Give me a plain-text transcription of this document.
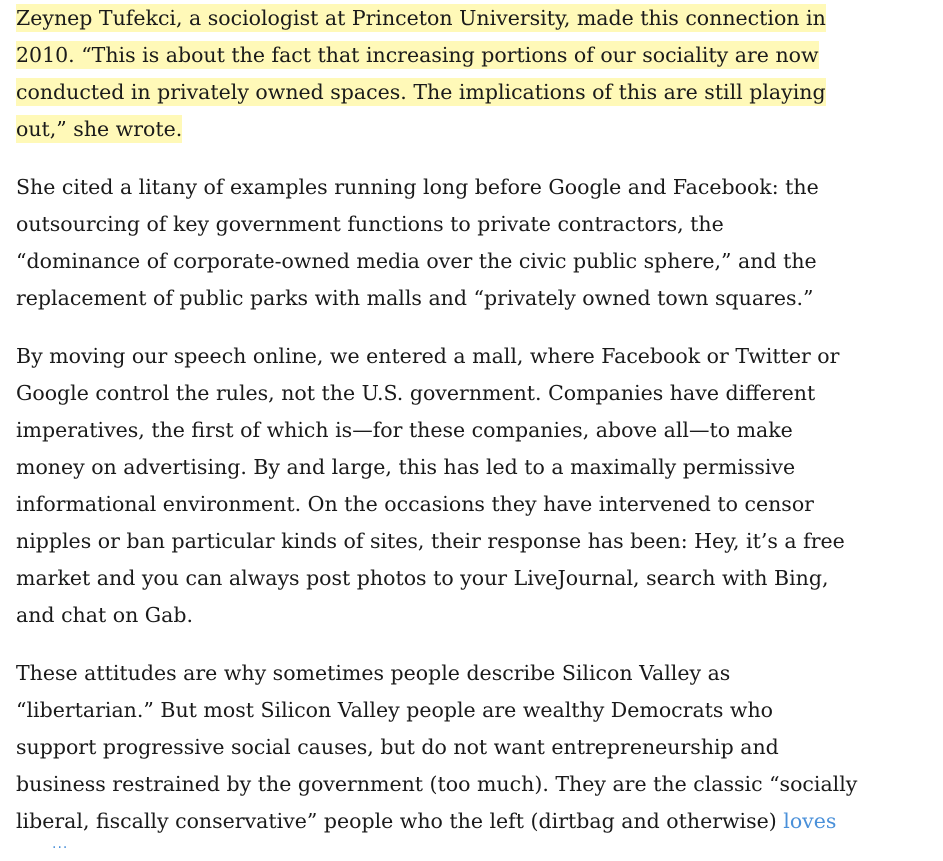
Zeynep Tufekci, a sociologist at Princeton University, made this connection in
2010. “This is about the fact that increasing portions of our sociality are now
conducted in privately owned spaces. The implications of this are still playing
out,” she wrote.
She cited a litany of examples running long before Google and Facebook: the
outsourcing of key government functions to private contractors, the
“dominance of corporate-owned media over the civic public sphere,” and the
replacement of public parks with malls and “privately owned town squares.”
By moving our speech online, we entered a mall, where Facebook or Twitter or
Google control the rules, not the U.S. government. Companies have different
imperatives, the first of which is—for these companies, above all—to make
money on advertising. By and large, this has led to a maximally permissive
informational environment. On the occasions they have intervened to censor
nipples or ban particular kinds of sites, their response has been: Hey, it’s a free
market and you can always post photos to your LiveJournal, search with Bing,
and chat on Gab.
These attitudes are why sometimes people describe Silicon Valley as
“libertarian.” But most Silicon Valley people are wealthy Democrats who
support progressive social causes, but do not want entrepreneurship and
business restrained by the government (too much). They are the classic “socially
liberal, fiscally conservative” people who the left (dirtbag and otherwise) loves
...
